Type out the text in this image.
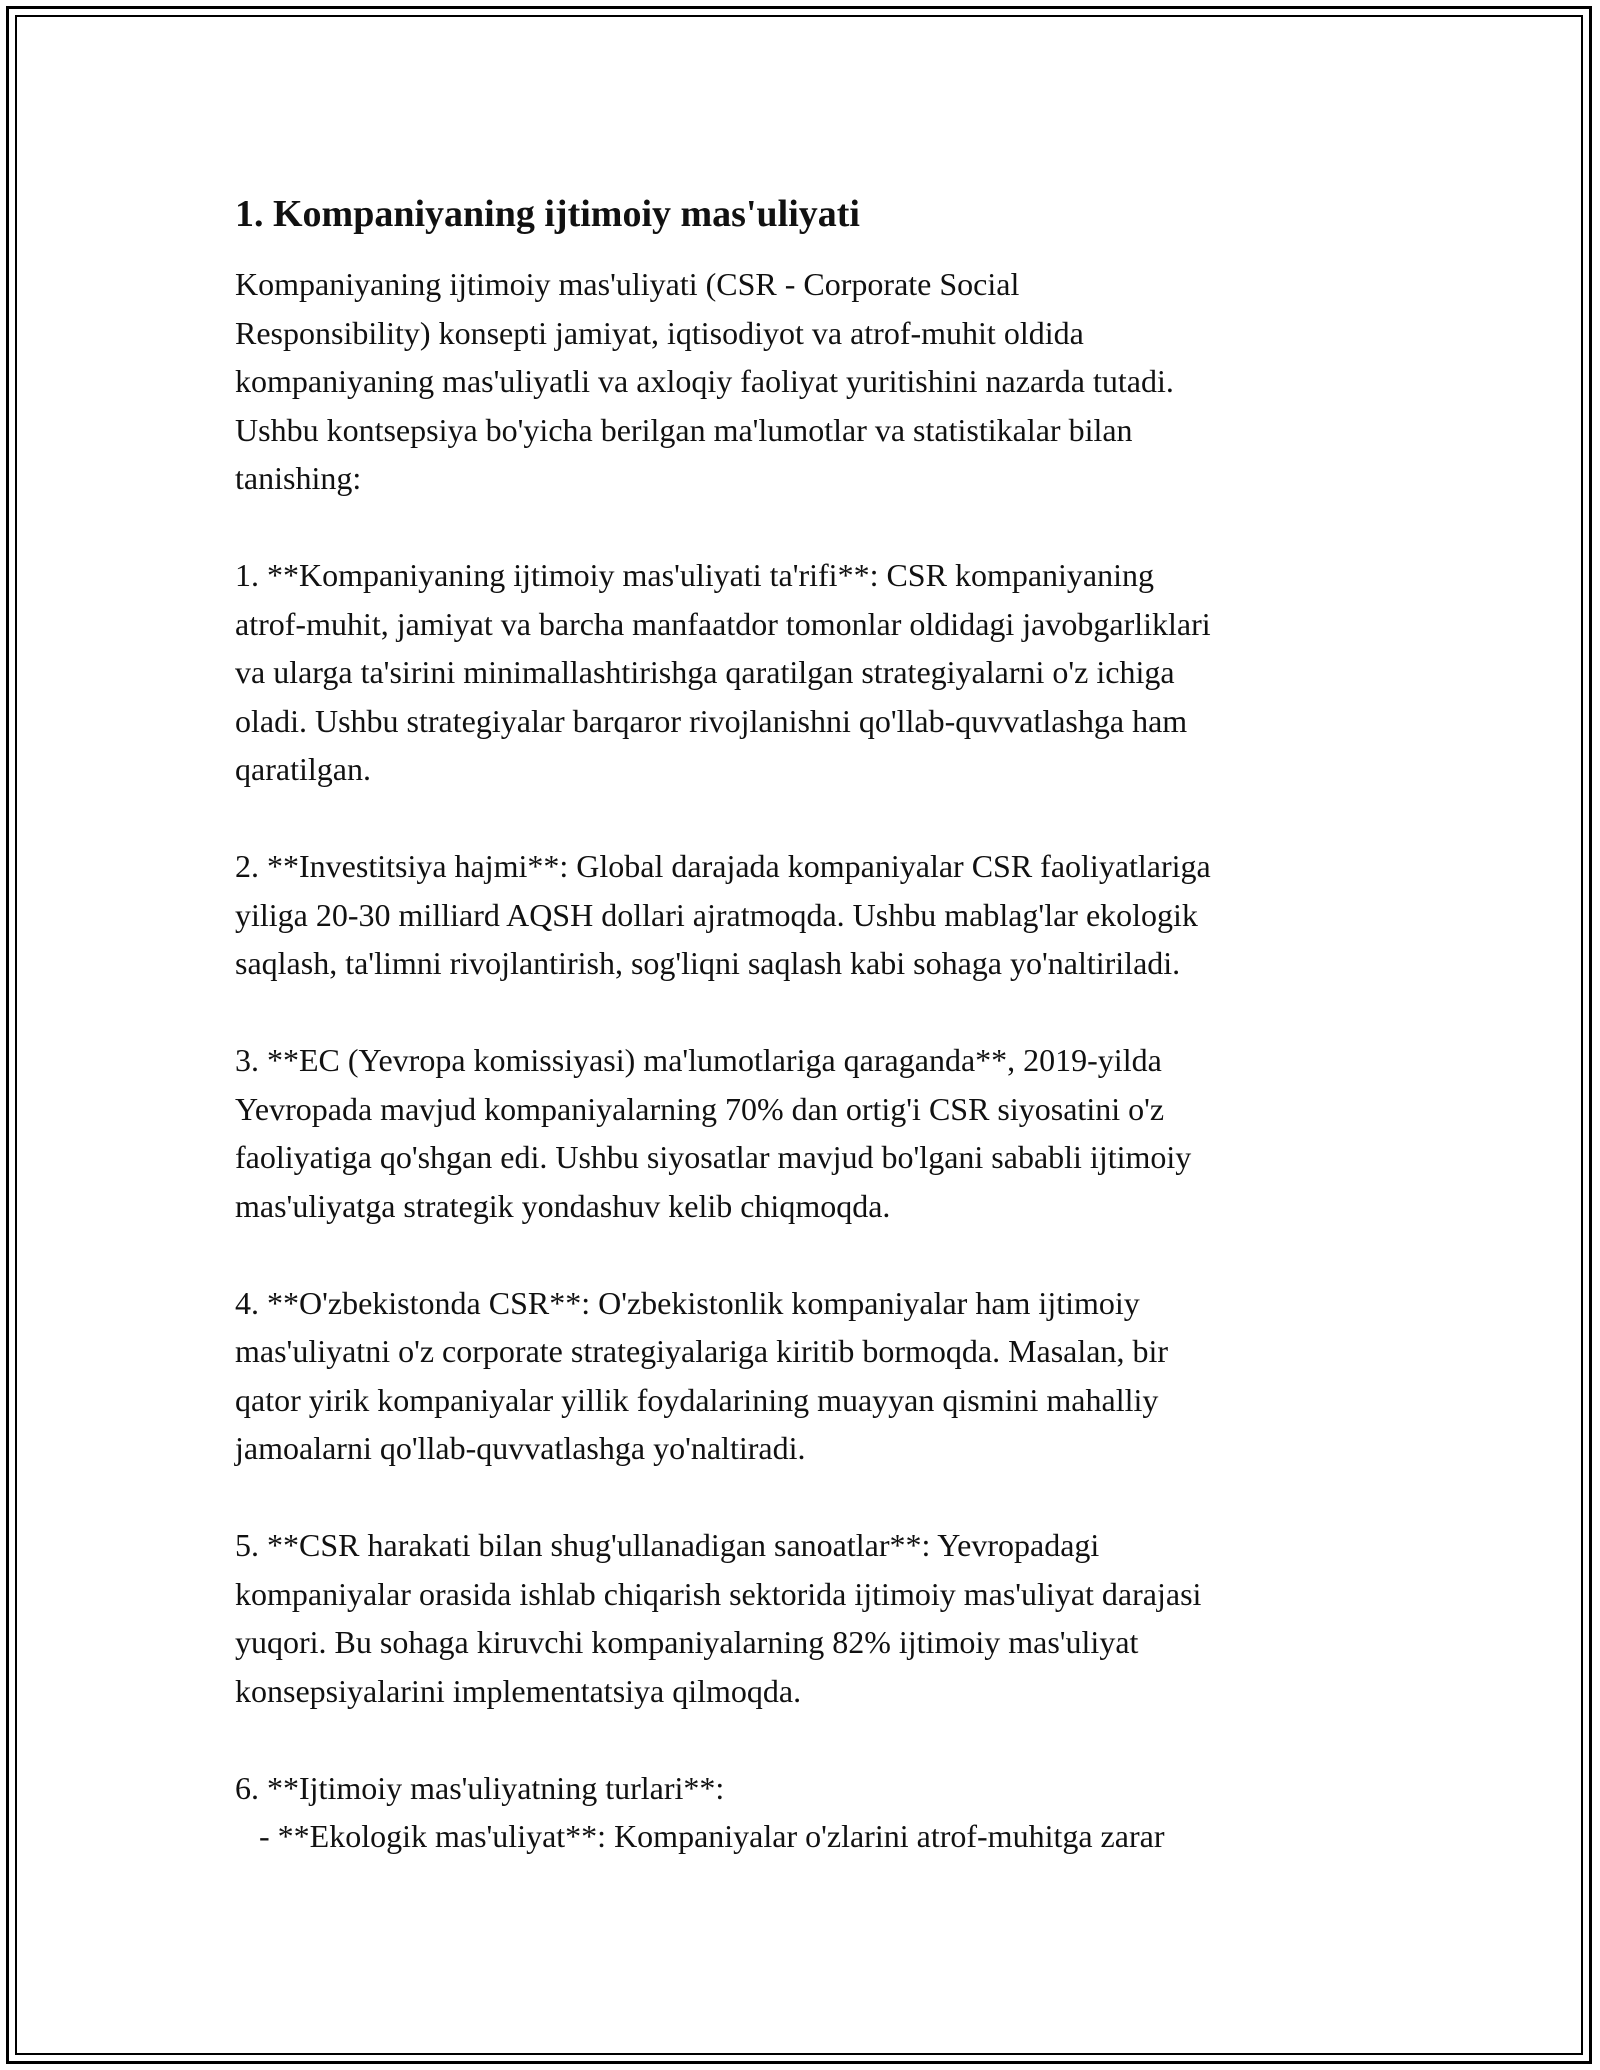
1. Kompaniyaning ijtimoiy mas'uliyati
Kompaniyaning ijtimoiy mas'uliyati (CSR - Corporate Social
Responsibility) konsepti jamiyat, iqtisodiyot va atrof-muhit oldida
kompaniyaning mas'uliyatli va axloqiy faoliyat yuritishini nazarda tutadi.
Ushbu kontsepsiya bo'yicha berilgan ma'lumotlar va statistikalar bilan
tanishing:
1. **Kompaniyaning ijtimoiy mas'uliyati ta'rifi**: CSR kompaniyaning
atrof-muhit, jamiyat va barcha manfaatdor tomonlar oldidagi javobgarliklari
va ularga ta'sirini minimallashtirishga qaratilgan strategiyalarni o'z ichiga
oladi. Ushbu strategiyalar barqaror rivojlanishni qo'llab-quvvatlashga ham
qaratilgan.
2. **Investitsiya hajmi**: Global darajada kompaniyalar CSR faoliyatlariga
yiliga 20-30 milliard AQSH dollari ajratmoqda. Ushbu mablag'lar ekologik
saqlash, ta'limni rivojlantirish, sog'liqni saqlash kabi sohaga yo'naltiriladi.
3. **EC (Yevropa komissiyasi) ma'lumotlariga qaraganda**, 2019-yilda
Yevropada mavjud kompaniyalarning 70% dan ortig'i CSR siyosatini o'z
faoliyatiga qo'shgan edi. Ushbu siyosatlar mavjud bo'lgani sababli ijtimoiy
mas'uliyatga strategik yondashuv kelib chiqmoqda.
4. **O'zbekistonda CSR**: O'zbekistonlik kompaniyalar ham ijtimoiy
mas'uliyatni o'z corporate strategiyalariga kiritib bormoqda. Masalan, bir
qator yirik kompaniyalar yillik foydalarining muayyan qismini mahalliy
jamoalarni qo'llab-quvvatlashga yo'naltiradi.
5. **CSR harakati bilan shug'ullanadigan sanoatlar**: Yevropadagi
kompaniyalar orasida ishlab chiqarish sektorida ijtimoiy mas'uliyat darajasi
yuqori. Bu sohaga kiruvchi kompaniyalarning 82% ijtimoiy mas'uliyat
konsepsiyalarini implementatsiya qilmoqda.
6. **Ijtimoiy mas'uliyatning turlari**:
- **Ekologik mas'uliyat**: Kompaniyalar o'zlarini atrof-muhitga zarar
